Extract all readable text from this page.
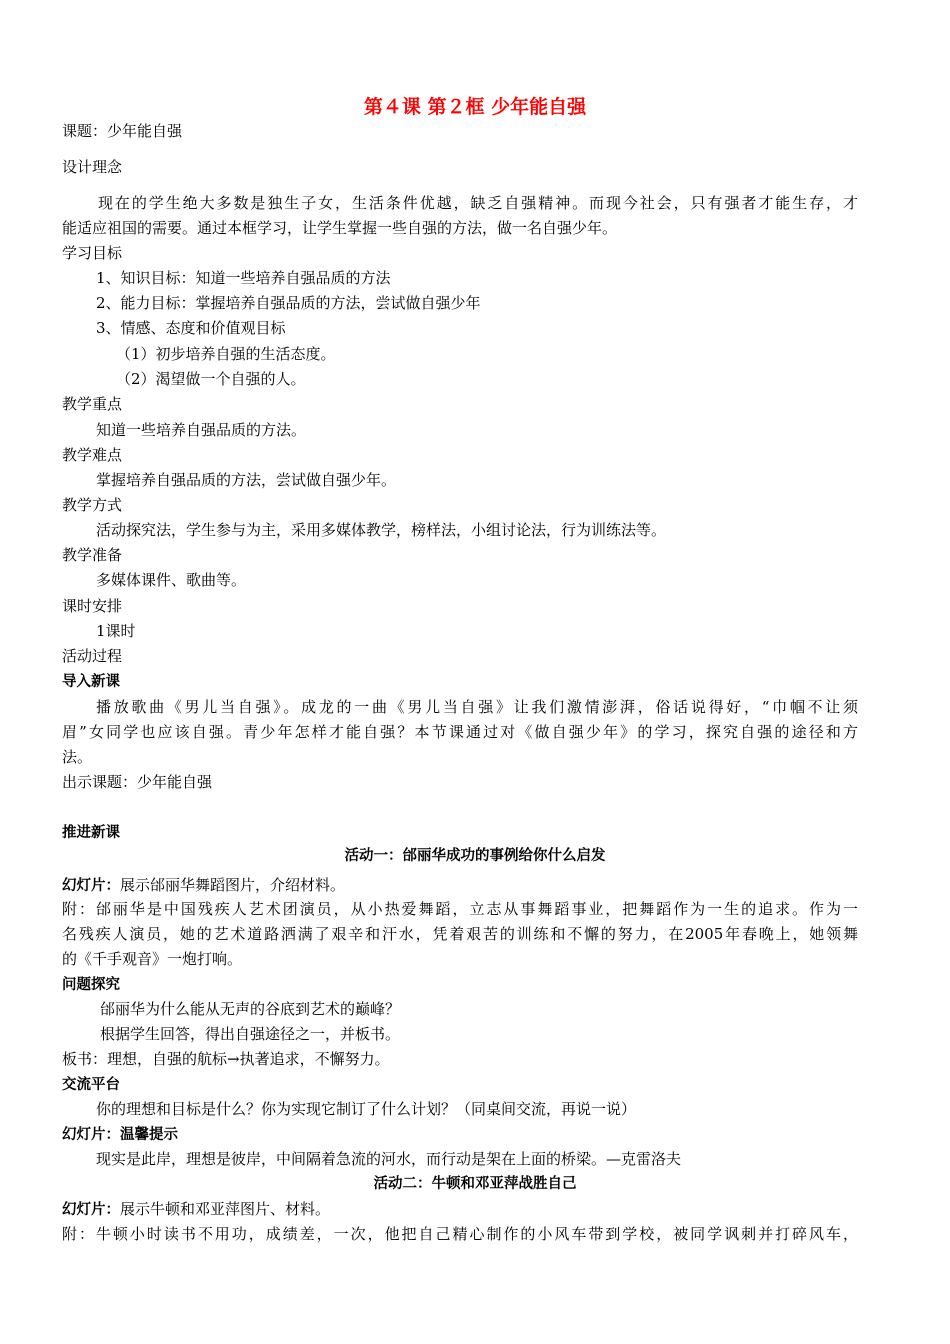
第４课 第２框 少年能自强
课题：少年能自强
设计理念
现在的学生绝大多数是独生子女，生活条件优越，缺乏自强精神。而现今社会，只有强者才能生存，才
能适应祖国的需要。通过本框学习，让学生掌握一些自强的方法，做一名自强少年。
学习目标
1、知识目标：知道一些培养自强品质的方法
2、能力目标：掌握培养自强品质的方法，尝试做自强少年
3、情感、态度和价值观目标
（1）初步培养自强的生活态度。
（2）渴望做一个自强的人。
教学重点
知道一些培养自强品质的方法。
教学难点
掌握培养自强品质的方法，尝试做自强少年。
教学方式
活动探究法，学生参与为主，采用多媒体教学，榜样法，小组讨论法，行为训练法等。
教学准备
多媒体课件、歌曲等。
课时安排
1课时
活动过程
导入新课
播放歌曲《男儿当自强》。成龙的一曲《男儿当自强》让我们激情澎湃，俗话说得好，“巾帼不让须
眉”女同学也应该自强。青少年怎样才能自强？本节课通过对《做自强少年》的学习，探究自强的途径和方
法。
出示课题：少年能自强
推进新课
活动一：邰丽华成功的事例给你什么启发
幻灯片：展示邰丽华舞蹈图片，介绍材料。
附：邰丽华是中国残疾人艺术团演员，从小热爱舞蹈，立志从事舞蹈事业，把舞蹈作为一生的追求。作为一
名残疾人演员，她的艺术道路洒满了艰辛和汗水，凭着艰苦的训练和不懈的努力，在2005年春晚上，她领舞
的《千手观音》一炮打响。
问题探究
邰丽华为什么能从无声的谷底到艺术的巅峰？
根据学生回答，得出自强途径之一，并板书。
板书：理想，自强的航标→执著追求，不懈努力。
交流平台
你的理想和目标是什么？你为实现它制订了什么计划？（同桌间交流，再说一说）
幻灯片：温馨提示
现实是此岸，理想是彼岸，中间隔着急流的河水，而行动是架在上面的桥梁。—克雷洛夫
活动二：牛顿和邓亚萍战胜自己
幻灯片：展示牛顿和邓亚萍图片、材料。
附：牛顿小时读书不用功，成绩差，一次，他把自己精心制作的小风车带到学校，被同学讽刺并打碎风车，
